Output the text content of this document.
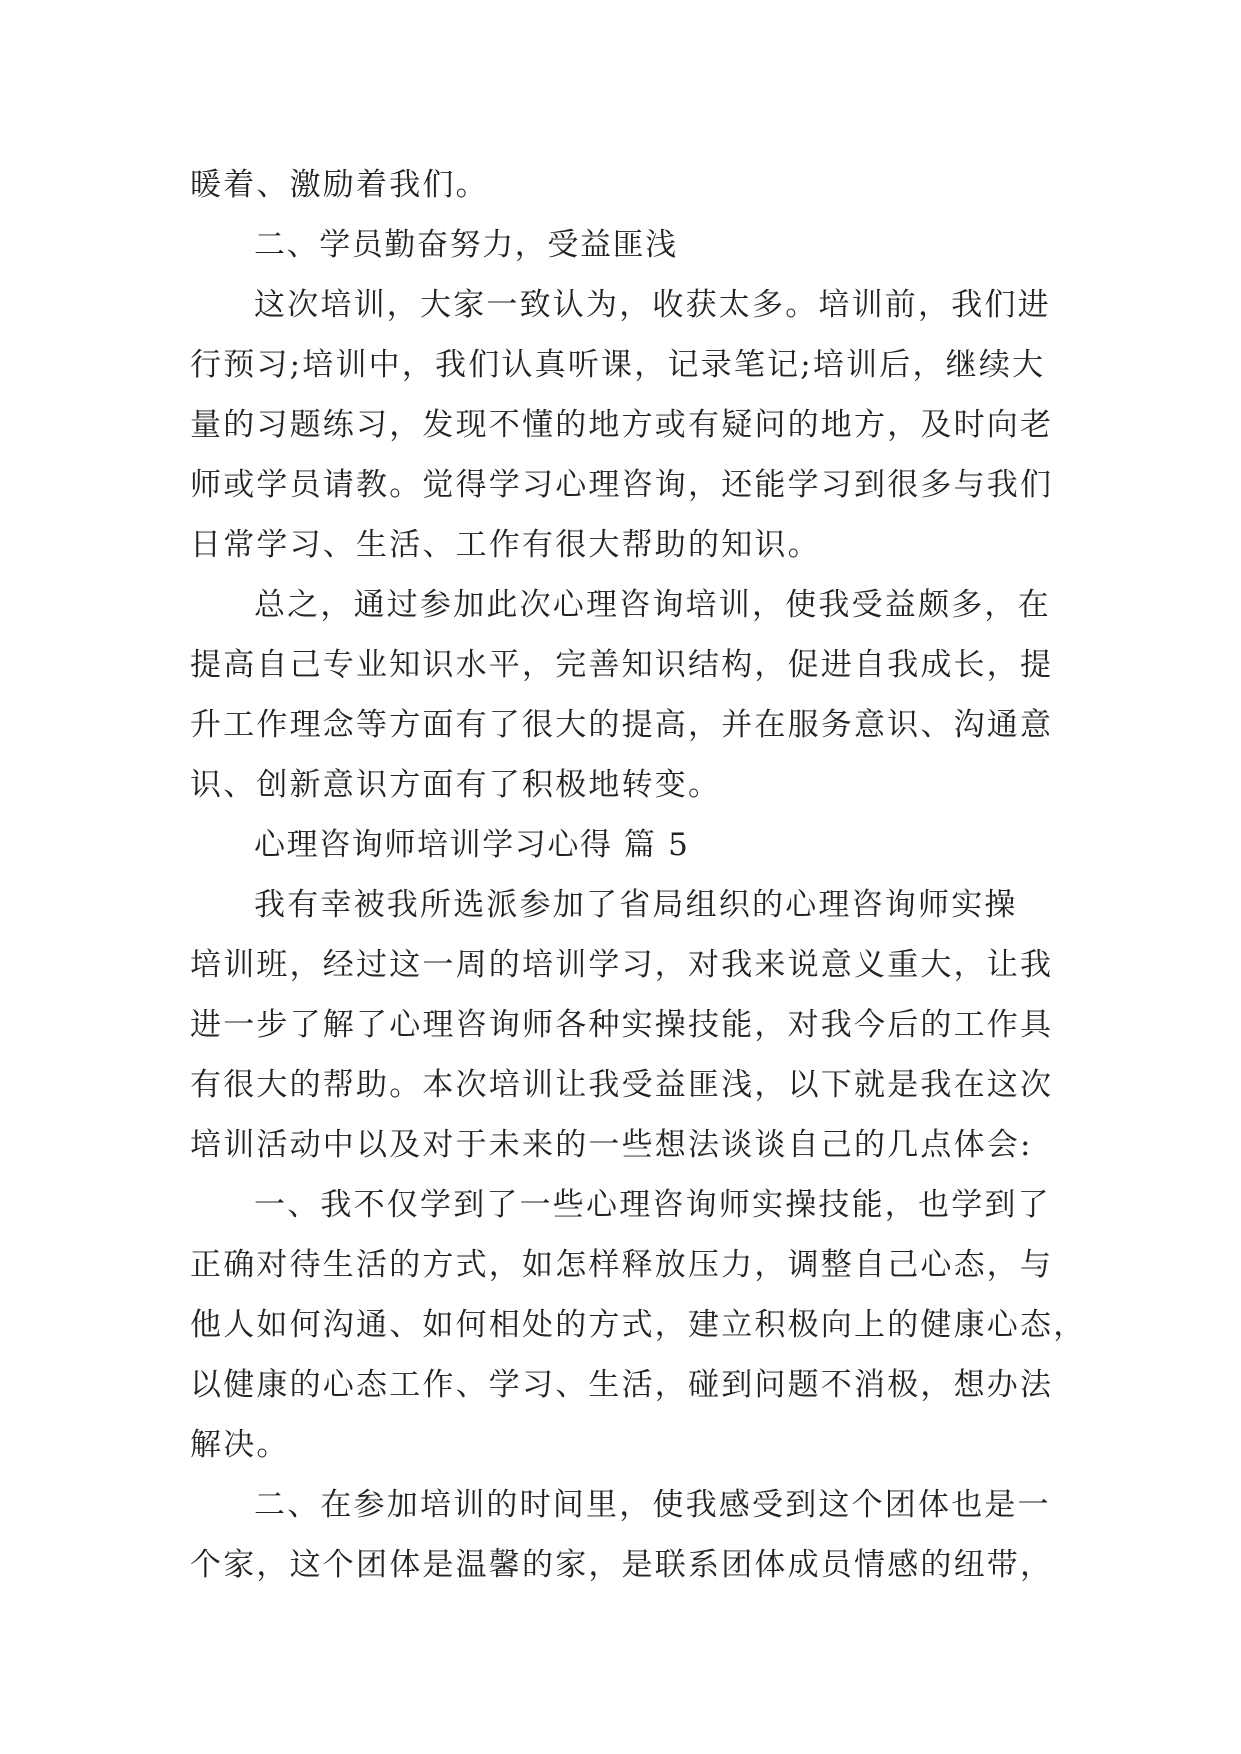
暖着、激励着我们。
二、学员勤奋努力，受益匪浅
这次培训，大家一致认为，收获太多。培训前，我们进
行预习;培训中，我们认真听课，记录笔记;培训后，继续大
量的习题练习，发现不懂的地方或有疑问的地方，及时向老
师或学员请教。觉得学习心理咨询，还能学习到很多与我们
日常学习、生活、工作有很大帮助的知识。
总之，通过参加此次心理咨询培训，使我受益颇多，在
提高自己专业知识水平，完善知识结构，促进自我成长，提
升工作理念等方面有了很大的提高，并在服务意识、沟通意
识、创新意识方面有了积极地转变。
心理咨询师培训学习心得 篇 5
我有幸被我所选派参加了省局组织的心理咨询师实操
培训班，经过这一周的培训学习，对我来说意义重大，让我
进一步了解了心理咨询师各种实操技能，对我今后的工作具
有很大的帮助。本次培训让我受益匪浅，以下就是我在这次
培训活动中以及对于未来的一些想法谈谈自己的几点体会:
一、我不仅学到了一些心理咨询师实操技能，也学到了
正确对待生活的方式，如怎样释放压力，调整自己心态，与
他人如何沟通、如何相处的方式，建立积极向上的健康心态，
以健康的心态工作、学习、生活，碰到问题不消极，想办法
解决。
二、在参加培训的时间里，使我感受到这个团体也是一
个家，这个团体是温馨的家，是联系团体成员情感的纽带，
